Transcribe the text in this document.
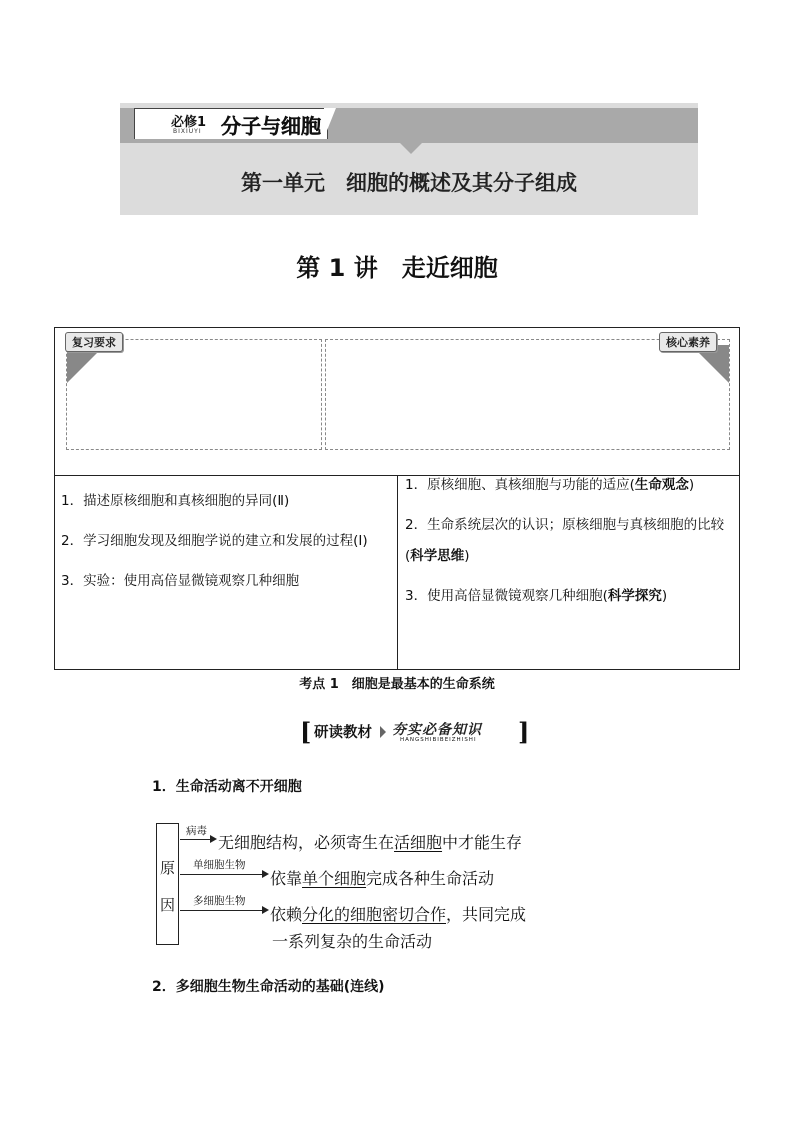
必修1
BIXIUYI 分子与细胞
第一单元　细胞的概述及其分子组成
第 1 讲　走近细胞
复习要求	核心素养

1．描述原核细胞和真核细胞的异同(Ⅱ)

2．学习细胞发现及细胞学说的建立和发展的过程(Ⅰ)

3．实验：使用高倍显微镜观察几种细胞

1．原核细胞、真核细胞与功能的适应(生命观念)

2．生命系统层次的认识；原核细胞与真核细胞的比较(科学思维)

3．使用高倍显微镜观察几种细胞(科学探究)

考点 1　细胞是最基本的生命系统
[ 研读教材 夯实必备知识
HANGSHIBIBEIZHISHI ]
1．生命活动离不开细胞
原
因
病毒
无细胞结构，必须寄生在活细胞中才能生存
单细胞生物
依靠单个细胞完成各种生命活动
多细胞生物
依赖分化的细胞密切合作，共同完成
一系列复杂的生命活动
2．多细胞生物生命活动的基础(连线)
